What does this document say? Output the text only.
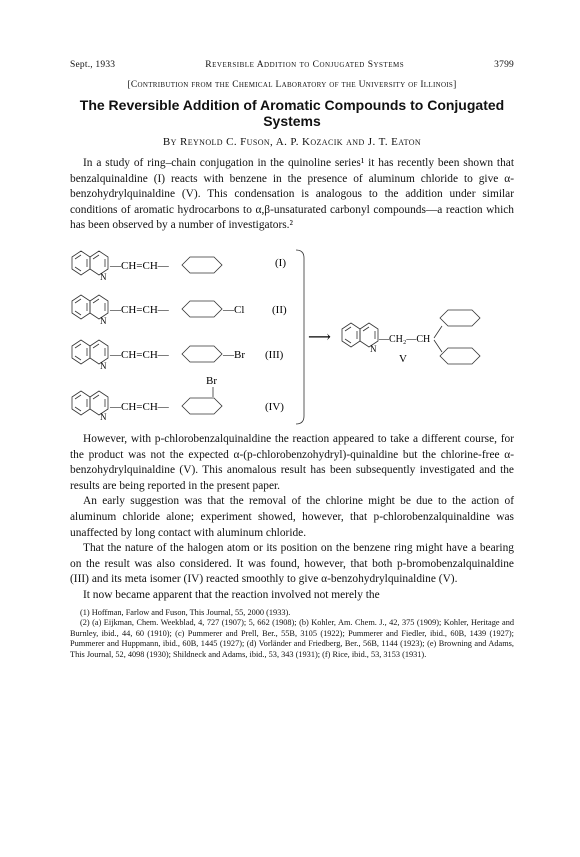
Sept., 1933	Reversible Addition to Conjugated Systems	3799
[Contribution from the Chemical Laboratory of the University of Illinois]
The Reversible Addition of Aromatic Compounds to Conjugated Systems
By Reynold C. Fuson, A. P. Kozacik and J. T. Eaton

In a study of ring–chain conjugation in the quinoline series¹ it has recently been shown that benzalquinaldine (I) reacts with benzene in the presence of aluminum chloride to give α-benzohydrylquinaldine (V). This condensation is analogous to the addition under similar conditions of aromatic hydrocarbons to α,β-unsaturated carbonyl compounds—a reaction which has been observed by a number of investigators.²

N
—CH=CH—	(I)
N
—CH=CH—	—Cl	(II)
N
—CH=CH—	—Br (III)
Br
N
—CH=CH—	(IV)
⟶
N
—CH₂—CH
V

However, with p-chlorobenzalquinaldine the reaction appeared to take a different course, for the product was not the expected α-(p-chlorobenzohydryl)-quinaldine but the chlorine-free α-benzohydrylquinaldine (V). This anomalous result has been subsequently investigated and the results are being reported in the present paper.

An early suggestion was that the removal of the chlorine might be due to the action of aluminum chloride alone; experiment showed, however, that p-chlorobenzalquinaldine was unaffected by long contact with aluminum chloride.

That the nature of the halogen atom or its position on the benzene ring might have a bearing on the result was also considered. It was found, however, that both p-bromobenzalquinaldine (III) and its meta isomer (IV) reacted smoothly to give α-benzohydrylquinaldine (V).

It now became apparent that the reaction involved not merely the

(1) Hoffman, Farlow and Fuson, This Journal, 55, 2000 (1933).
(2) (a) Eijkman, Chem. Weekblad, 4, 727 (1907); 5, 662 (1908); (b) Kohler, Am. Chem. J., 42, 375 (1909); Kohler, Heritage and Burnley, ibid., 44, 60 (1910); (c) Pummerer and Prell, Ber., 55B, 3105 (1922); Pummerer and Fiedler, ibid., 60B, 1439 (1927); Pummerer and Huppmann, ibid., 60B, 1445 (1927); (d) Vorländer and Friedberg, Ber., 56B, 1144 (1923); (e) Browning and Adams, This Journal, 52, 4098 (1930); Shildneck and Adams, ibid., 53, 343 (1931); (f) Rice, ibid., 53, 3153 (1931).
